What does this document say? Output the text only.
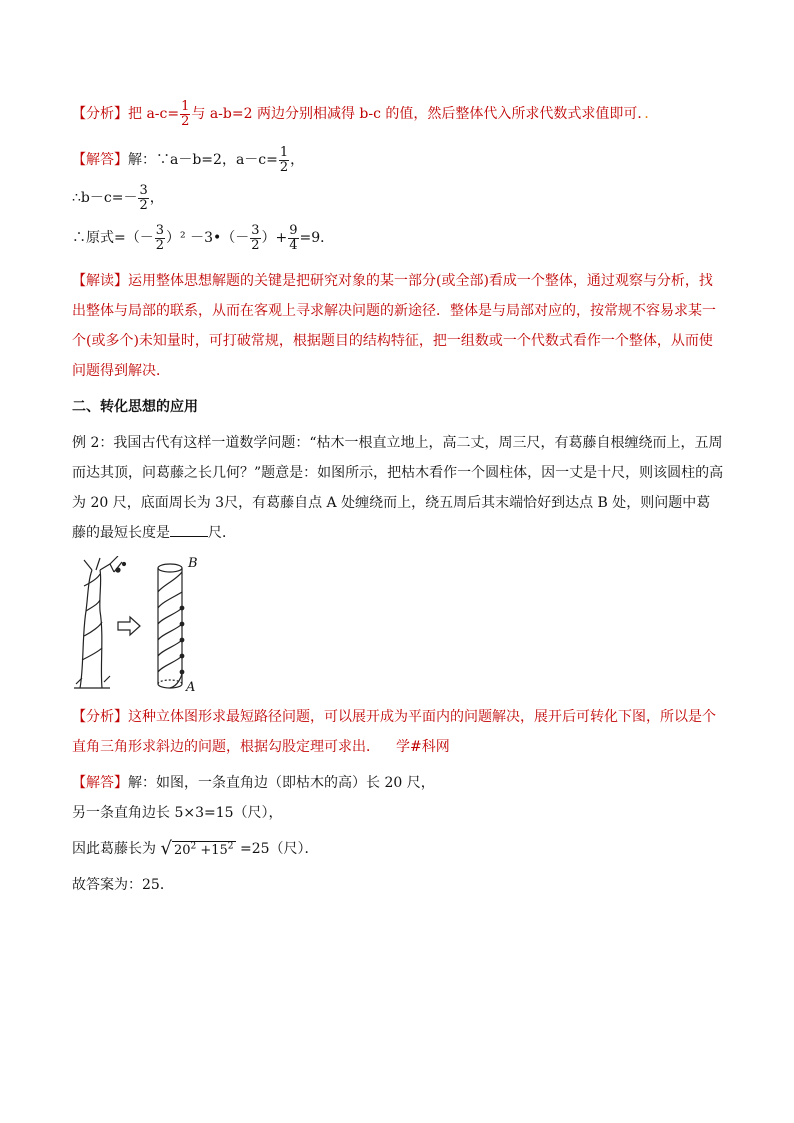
【分析】把 $a-c= \frac{1}{2}$ 与 a-b=2 两边分别相减得 b-c 的值，然后整体代入所求代数式求值即可．．
【解答】解：∵a－b=2，$a-c= \frac{1}{2}$ ，
∴b－c=－ $\frac{3}{2}$ ，
∴原式=（－ $\frac{3}{2} )^2$ －3•（－ $\frac{3}{2}$ ）+ $\frac{9}{4} =9$．
【解读】运用整体思想解题的关键是把研究对象的某一部分(或全部)看成一个整体，通过观察与分析，找出整体与局部的联系，从而在客观上寻求解决问题的新途径．整体是与局部对应的，按常规不容易求某一个(或多个)未知量时，可打破常规，根据题目的结构特征，把一组数或一个代数式看作一个整体，从而使问题得到解决．
二、转化思想的应用
例 2：我国古代有这样一道数学问题：“枯木一根直立地上，高二丈，周三尺，有葛藤自根缠绕而上，五周而达其顶，问葛藤之长几何？”题意是：如图所示，把枯木看作一个圆柱体，因一丈是十尺，则该圆柱的高为 20 尺，底面周长为 3尺，有葛藤自点 A 处缠绕而上，绕五周后其末端恰好到达点 B 处，则问题中葛藤的最短长度是	尺．
B
A
【分析】这种立体图形求最短路径问题，可以展开成为平面内的问题解决，展开后可转化下图，所以是个直角三角形求斜边的问题，根据勾股定理可求出． 学#科网
【解答】解：如图，一条直角边（即枯木的高）长 20 尺，
另一条直角边长 5×3=15（尺），
因此葛藤长为 √ $20^2 +15^2 =25$（尺）．
故答案为：25．
